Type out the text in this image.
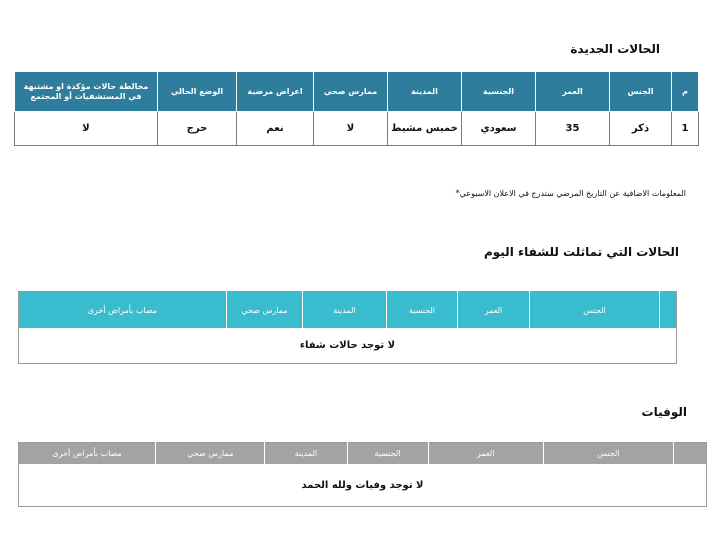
الحالات الجديدة
م	الجنس	العمر	الجنسية	المدينة	ممارس صحي	اعراض مرضية	الوضع الحالي	مخالطة حالات مؤكدة او مشتبهة في المستشفيات أو المجتمع
1	ذكر	35	سعودي	خميس مشيط	لا	نعم	حرج	لا
المعلومات الاضافية عن التاريخ المرضي ستدرج في الاعلان الاسبوعي*
الحالات التي تماثلت للشفاء اليوم
	الجنس	العمر	الجنسية	المدينة	ممارس صحي	مصاب بأمراض أخرى
لا توجد حالات شفاء
الوفيات
	الجنس	العمر	الجنسية	المدينة	ممارس صحي	مصاب بأمراض أخرى
لا توجد وفيات ولله الحمد
